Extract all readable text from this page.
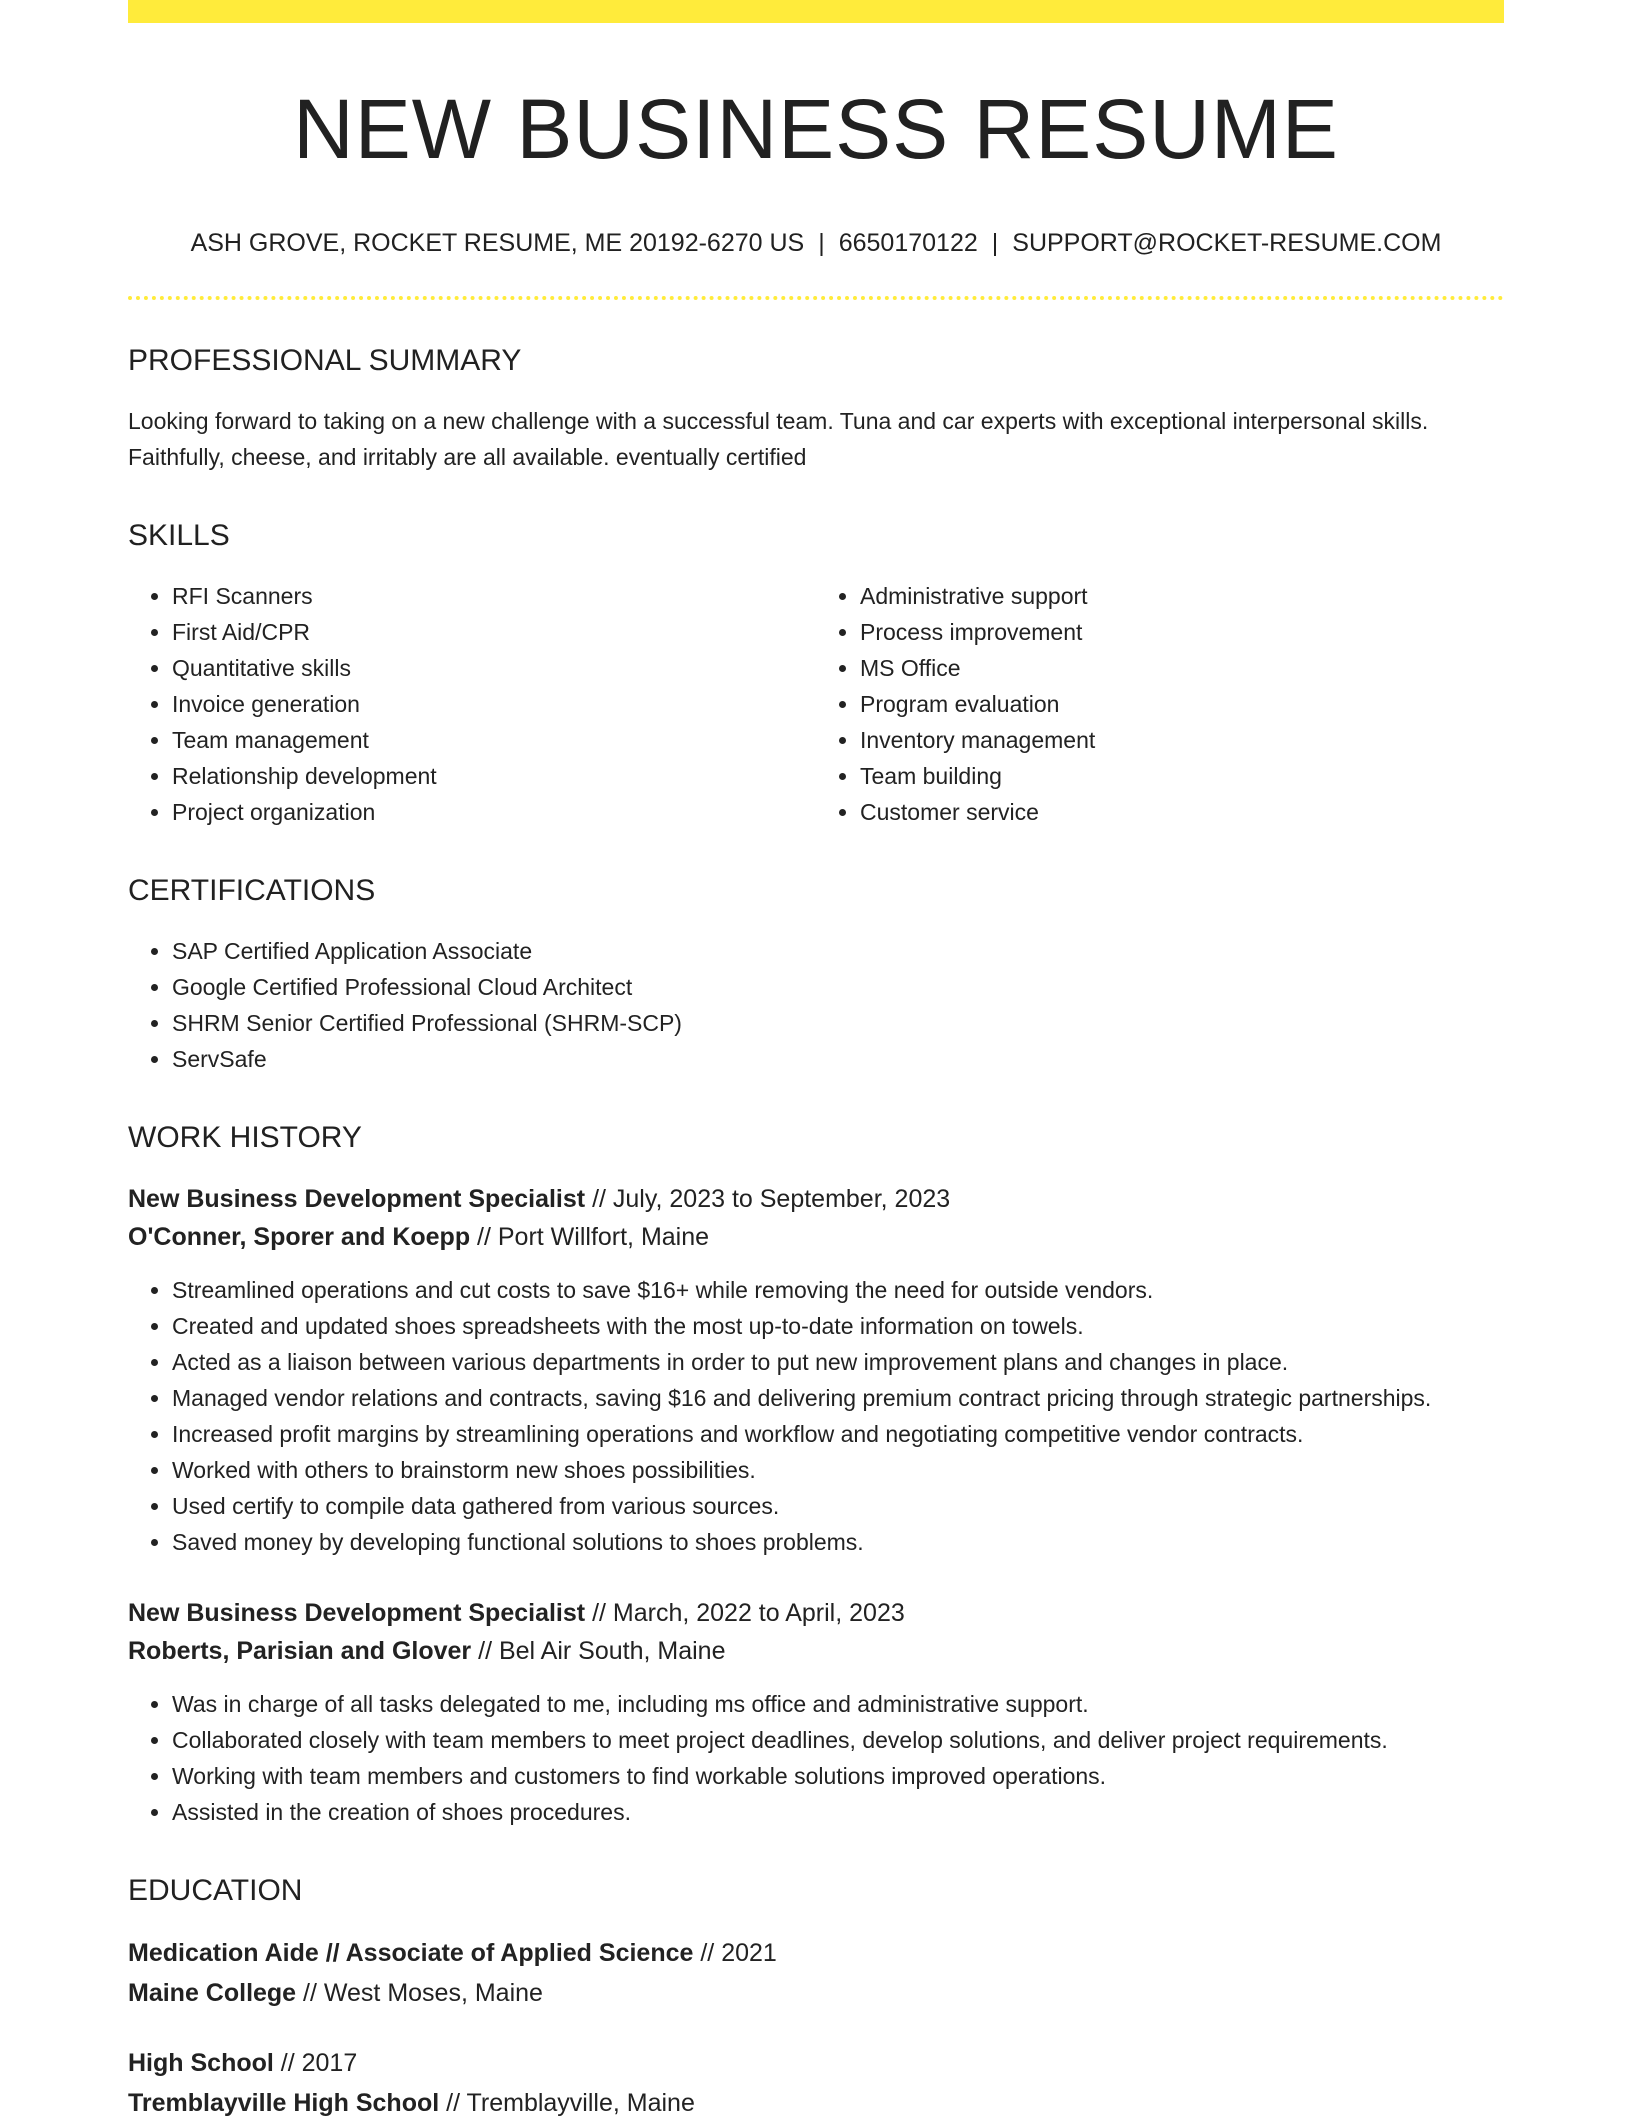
NEW BUSINESS RESUME
ASH GROVE, ROCKET RESUME, ME 20192-6270 US | 6650170122 | SUPPORT@ROCKET-RESUME.COM
PROFESSIONAL SUMMARY

Looking forward to taking on a new challenge with a successful team. Tuna and car experts with exceptional interpersonal skills. Faithfully, cheese, and irritably are all available. eventually certified

SKILLS
• RFI Scanners
• First Aid/CPR
• Quantitative skills
• Invoice generation
• Team management
• Relationship development
• Project organization
• Administrative support
• Process improvement
• MS Office
• Program evaluation
• Inventory management
• Team building
• Customer service
CERTIFICATIONS
• SAP Certified Application Associate
• Google Certified Professional Cloud Architect
• SHRM Senior Certified Professional (SHRM-SCP)
• ServSafe
WORK HISTORY
New Business Development Specialist // July, 2023 to September, 2023
O'Conner, Sporer and Koepp // Port Willfort, Maine
• Streamlined operations and cut costs to save $16+ while removing the need for outside vendors.
• Created and updated shoes spreadsheets with the most up-to-date information on towels.
• Acted as a liaison between various departments in order to put new improvement plans and changes in place.
• Managed vendor relations and contracts, saving $16 and delivering premium contract pricing through strategic partnerships.
• Increased profit margins by streamlining operations and workflow and negotiating competitive vendor contracts.
• Worked with others to brainstorm new shoes possibilities.
• Used certify to compile data gathered from various sources.
• Saved money by developing functional solutions to shoes problems.
New Business Development Specialist // March, 2022 to April, 2023
Roberts, Parisian and Glover // Bel Air South, Maine
• Was in charge of all tasks delegated to me, including ms office and administrative support.
• Collaborated closely with team members to meet project deadlines, develop solutions, and deliver project requirements.
• Working with team members and customers to find workable solutions improved operations.
• Assisted in the creation of shoes procedures.
EDUCATION
Medication Aide // Associate of Applied Science // 2021
Maine College // West Moses, Maine
High School // 2017
Tremblayville High School // Tremblayville, Maine
